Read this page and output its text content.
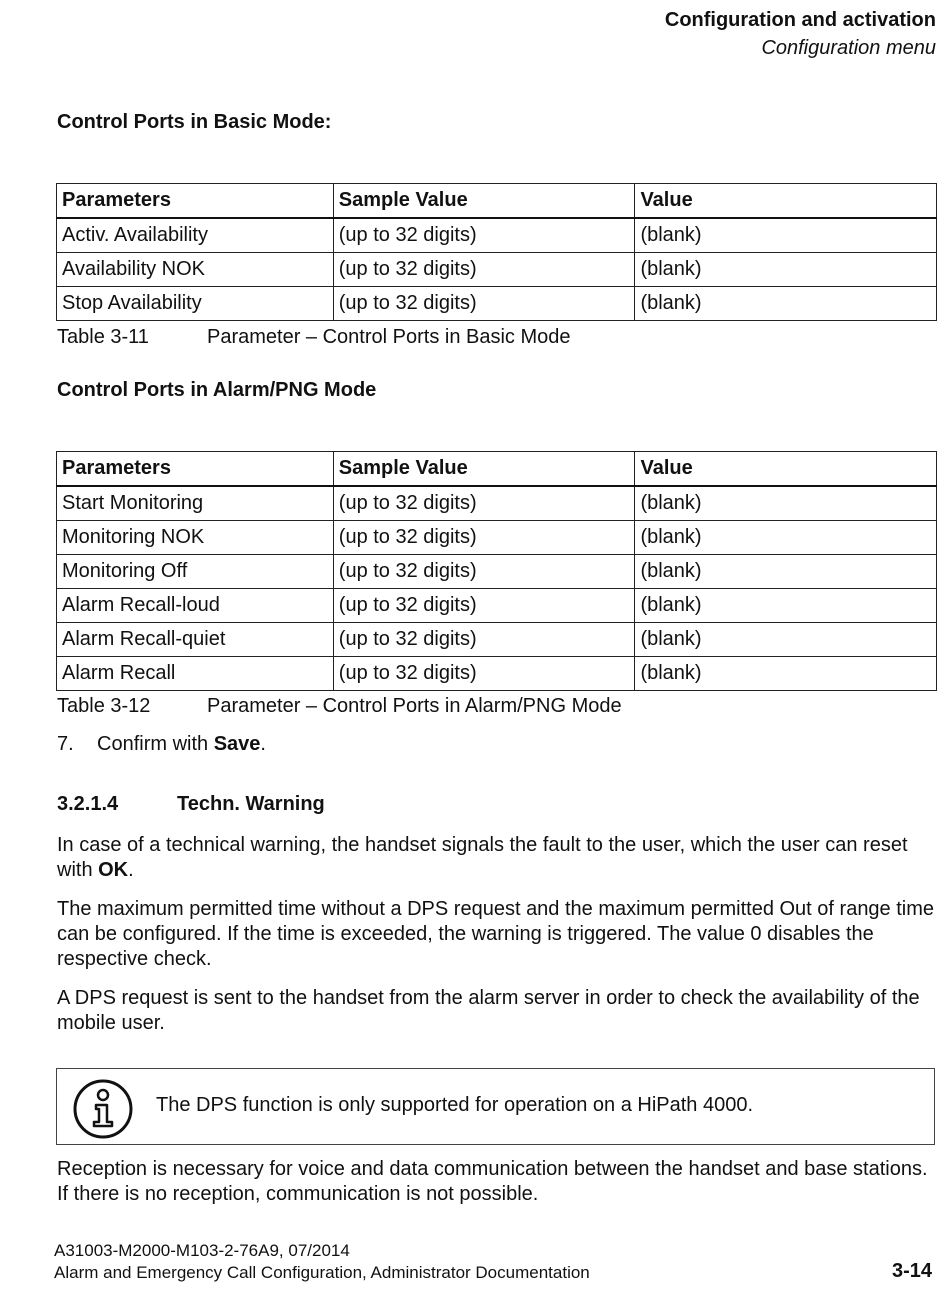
Configuration and activation
Configuration menu
Control Ports in Basic Mode:
Parameters	Sample Value	Value
Activ. Availability	(up to 32 digits)	(blank)
Availability NOK	(up to 32 digits)	(blank)
Stop Availability	(up to 32 digits)	(blank)
Table 3-11	Parameter – Control Ports in Basic Mode
Control Ports in Alarm/PNG Mode
Parameters	Sample Value	Value
Start Monitoring	(up to 32 digits)	(blank)
Monitoring NOK	(up to 32 digits)	(blank)
Monitoring Off	(up to 32 digits)	(blank)
Alarm Recall-loud	(up to 32 digits)	(blank)
Alarm Recall-quiet	(up to 32 digits)	(blank)
Alarm Recall	(up to 32 digits)	(blank)
Table 3-12	Parameter – Control Ports in Alarm/PNG Mode
7. Confirm with Save.
3.2.1.4	Techn. Warning
In case of a technical warning, the handset signals the fault to the user, which the user can reset with OK.
The maximum permitted time without a DPS request and the maximum permitted Out of range time can be configured. If the time is exceeded, the warning is triggered. The value 0 disables the respective check.
A DPS request is sent to the handset from the alarm server in order to check the availability of the mobile user.
The DPS function is only supported for operation on a HiPath 4000.
Reception is necessary for voice and data communication between the handset and base stations. If there is no reception, communication is not possible.
A31003-M2000-M103-2-76A9, 07/2014
Alarm and Emergency Call Configuration, Administrator Documentation	3-14
